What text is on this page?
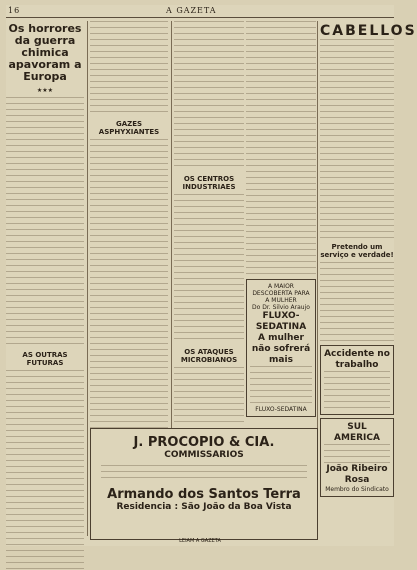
16	A GAZETA
Os horrores da guerra chimica apavoram a Europa
★★★
AS OUTRAS FUTURAS
GAZES ASPHYXIANTES
OS CENTROS INDUSTRIAES
OS ATAQUES MICROBIANOS
A MAIOR DESCOBERTA PARA A MULHER
Do Dr. Silvio Araujo
FLUXO-SEDATINA
A mulher não sofrerá mais
FLUXO-SEDATINA
CABELLOS
Pretendo um serviço e verdade!
Accidente no trabalho
SUL AMERICA
João Ribeiro Rosa
Membro do Sindicato
J. PROCOPIO & CIA.
COMMISSARIOS
Armando dos Santos Terra
Residencia : São João da Boa Vista
LEIAM A GAZETA
